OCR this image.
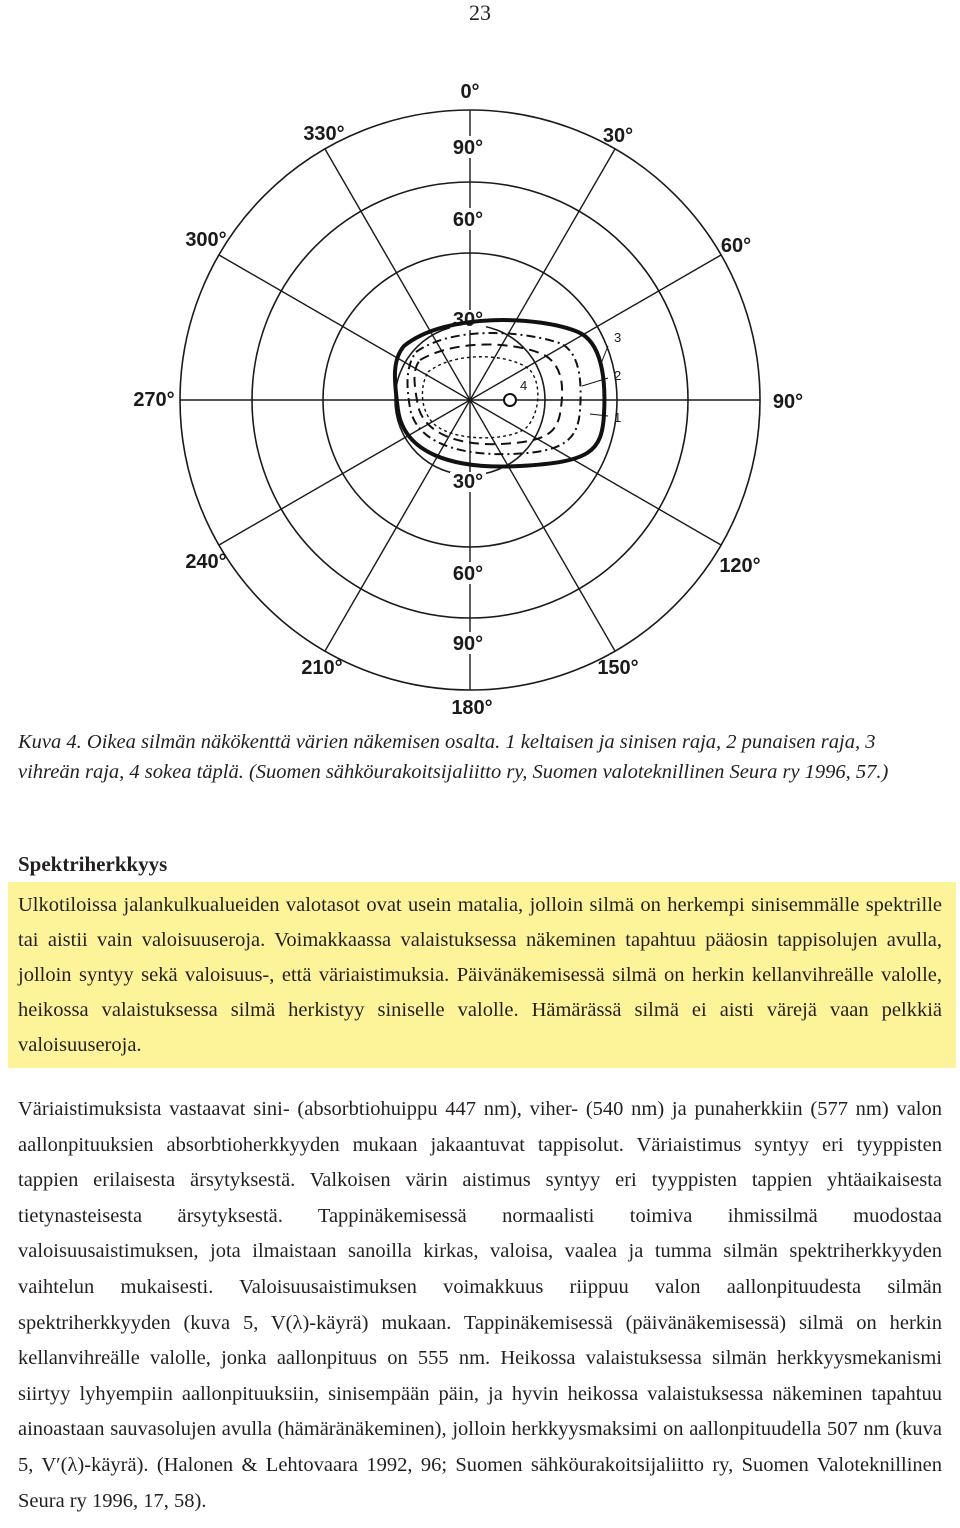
23
0°
30°
60°
90°
120°
150°
180°
210°
240°
270°
300°
330°
90°
60°
30°
30°
60°
90°
3
2
1
4

Kuva 4. Oikea silmän näkökenttä värien näkemisen osalta. 1 keltaisen ja sinisen raja, 2 punaisen raja, 3 vihreän raja, 4 sokea täplä. (Suomen sähköurakoitsijaliitto ry, Suomen valoteknillinen Seura ry 1996, 57.)

Spektriherkkyys

Ulkotiloissa jalankulkualueiden valotasot ovat usein matalia, jolloin silmä on herkempi sinisemmälle spektrille tai aistii vain valoisuuseroja. Voimakkaassa valaistuksessa näkeminen tapahtuu pääosin tappisolujen avulla, jolloin syntyy sekä valoisuus-, että väriaistimuksia. Päivänäkemisessä silmä on herkin kellanvihreälle valolle, heikossa valaistuksessa silmä herkistyy siniselle valolle. Hämärässä silmä ei aisti värejä vaan pelkkiä valoisuuseroja.

Väriaistimuksista vastaavat sini- (absorbtiohuippu 447 nm), viher- (540 nm) ja punaherkkiin (577 nm) valon aallonpituuksien absorbtioherkkyyden mukaan jakaantuvat tappisolut. Väriaistimus syntyy eri tyyppisten tappien erilaisesta ärsytyksestä. Valkoisen värin aistimus syntyy eri tyyppisten tappien yhtäaikaisesta tietynasteisesta ärsytyksestä. Tappinäkemisessä normaalisti toimiva ihmissilmä muodostaa valoisuusaistimuksen, jota ilmaistaan sanoilla kirkas, valoisa, vaalea ja tumma silmän spektriherkkyyden vaihtelun mukaisesti. Valoisuusaistimuksen voimakkuus riippuu valon aallonpituudesta silmän spektriherkkyyden (kuva 5, V(λ)-käyrä) mukaan. Tappinäkemisessä (päivänäkemisessä) silmä on herkin kellanvihreälle valolle, jonka aallonpituus on 555 nm. Heikossa valaistuksessa silmän herkkyysmekanismi siirtyy lyhyempiin aallonpituuksiin, sinisempään päin, ja hyvin heikossa valaistuksessa näkeminen tapahtuu ainoastaan sauvasolujen avulla (hämäränäkeminen), jolloin herkkyysmaksimi on aallonpituudella 507 nm (kuva 5, V′(λ)-käyrä). (Halonen & Lehtovaara 1992, 96; Suomen sähköurakoitsijaliitto ry, Suomen Valoteknillinen Seura ry 1996, 17, 58).
